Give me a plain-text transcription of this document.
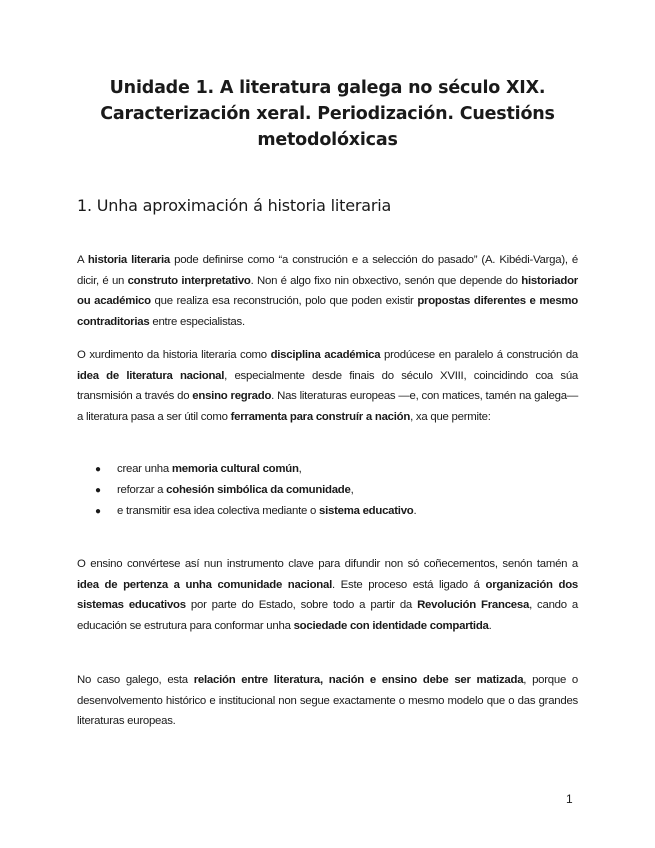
Unidade 1. A literatura galega no século XIX.
Caracterización xeral. Periodización. Cuestións
metodolóxicas
1. Unha aproximación á historia literaria
A historia literaria pode definirse como “a construción e a selección do pasado” (A. Kibédi-Varga), é dicir, é un construto interpretativo. Non é algo fixo nin obxectivo, senón que depende do historiador ou académico que realiza esa reconstrución, polo que poden existir propostas diferentes e mesmo contraditorias entre especialistas.
O xurdimento da historia literaria como disciplina académica prodúcese en paralelo á construción da idea de literatura nacional, especialmente desde finais do século XVIII, coincidindo coa súa transmisión a través do ensino regrado. Nas literaturas europeas —e, con matices, tamén na galega— a literatura pasa a ser útil como ferramenta para construír a nación, xa que permite:
●	crear unha memoria cultural común,
●	reforzar a cohesión simbólica da comunidade,
●	e transmitir esa idea colectiva mediante o sistema educativo.
O ensino convértese así nun instrumento clave para difundir non só coñecementos, senón tamén a idea de pertenza a unha comunidade nacional. Este proceso está ligado á organización dos sistemas educativos por parte do Estado, sobre todo a partir da Revolución Francesa, cando a educación se estrutura para conformar unha sociedade con identidade compartida.
No caso galego, esta relación entre literatura, nación e ensino debe ser matizada, porque o desenvolvemento histórico e institucional non segue exactamente o mesmo modelo que o das grandes literaturas europeas.
1
